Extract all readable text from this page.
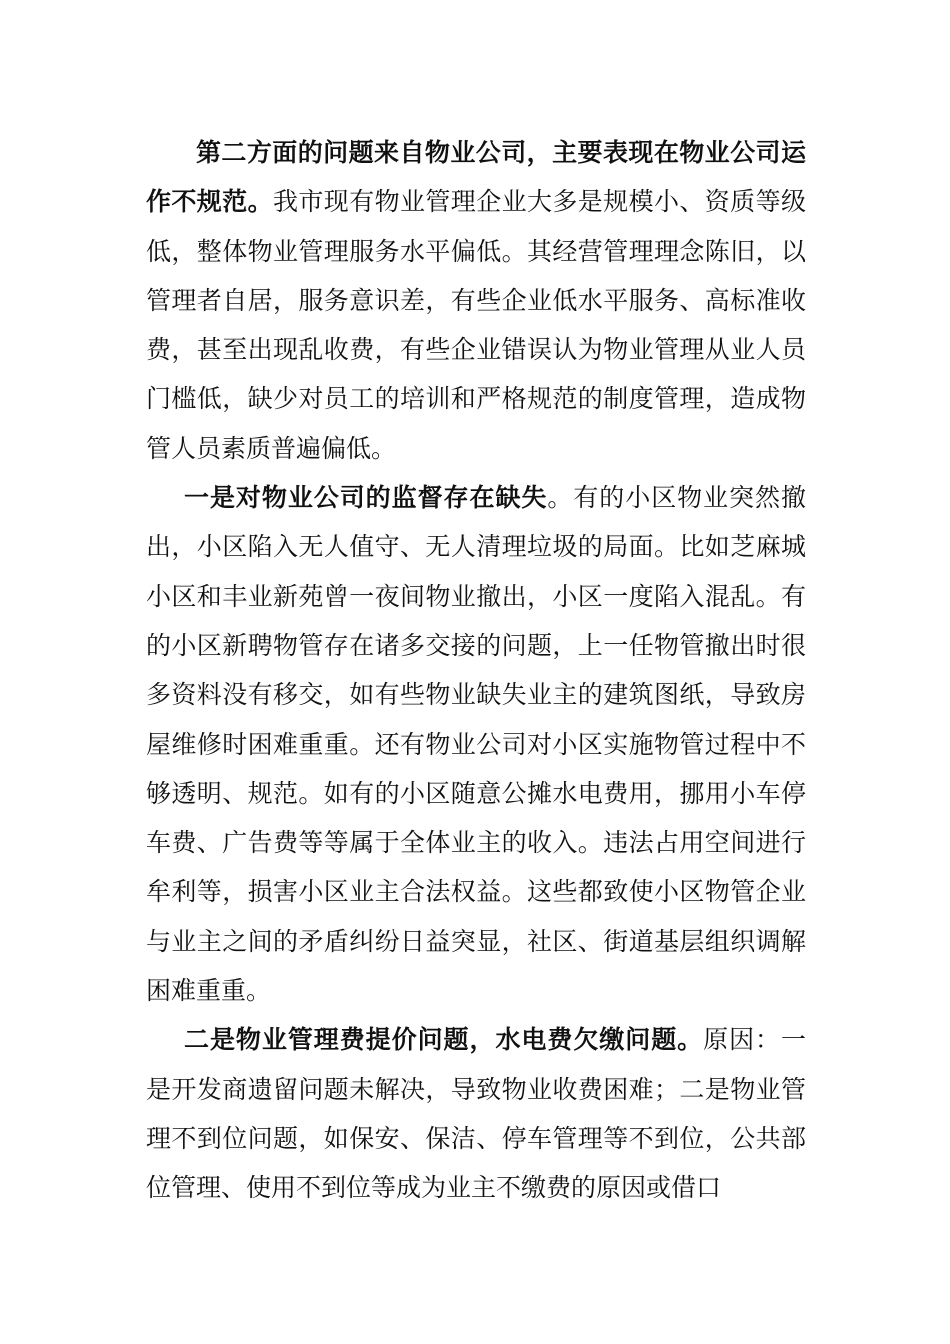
第二方面的问题来自物业公司，主要表现在物业公司运作不规范。我市现有物业管理企业大多是规模小、资质等级低，整体物业管理服务水平偏低。其经营管理理念陈旧，以管理者自居，服务意识差，有些企业低水平服务、高标准收费，甚至出现乱收费，有些企业错误认为物业管理从业人员门槛低，缺少对员工的培训和严格规范的制度管理，造成物管人员素质普遍偏低。

一是对物业公司的监督存在缺失。有的小区物业突然撤出，小区陷入无人值守、无人清理垃圾的局面。比如芝麻城小区和丰业新苑曾一夜间物业撤出，小区一度陷入混乱。有的小区新聘物管存在诸多交接的问题，上一任物管撤出时很多资料没有移交，如有些物业缺失业主的建筑图纸，导致房屋维修时困难重重。还有物业公司对小区实施物管过程中不够透明、规范。如有的小区随意公摊水电费用，挪用小车停车费、广告费等等属于全体业主的收入。违法占用空间进行牟利等，损害小区业主合法权益。这些都致使小区物管企业与业主之间的矛盾纠纷日益突显，社区、街道基层组织调解困难重重。

二是物业管理费提价问题，水电费欠缴问题。原因：一是开发商遗留问题未解决，导致物业收费困难；二是物业管理不到位问题，如保安、保洁、停车管理等不到位，公共部位管理、使用不到位等成为业主不缴费的原因或借口
